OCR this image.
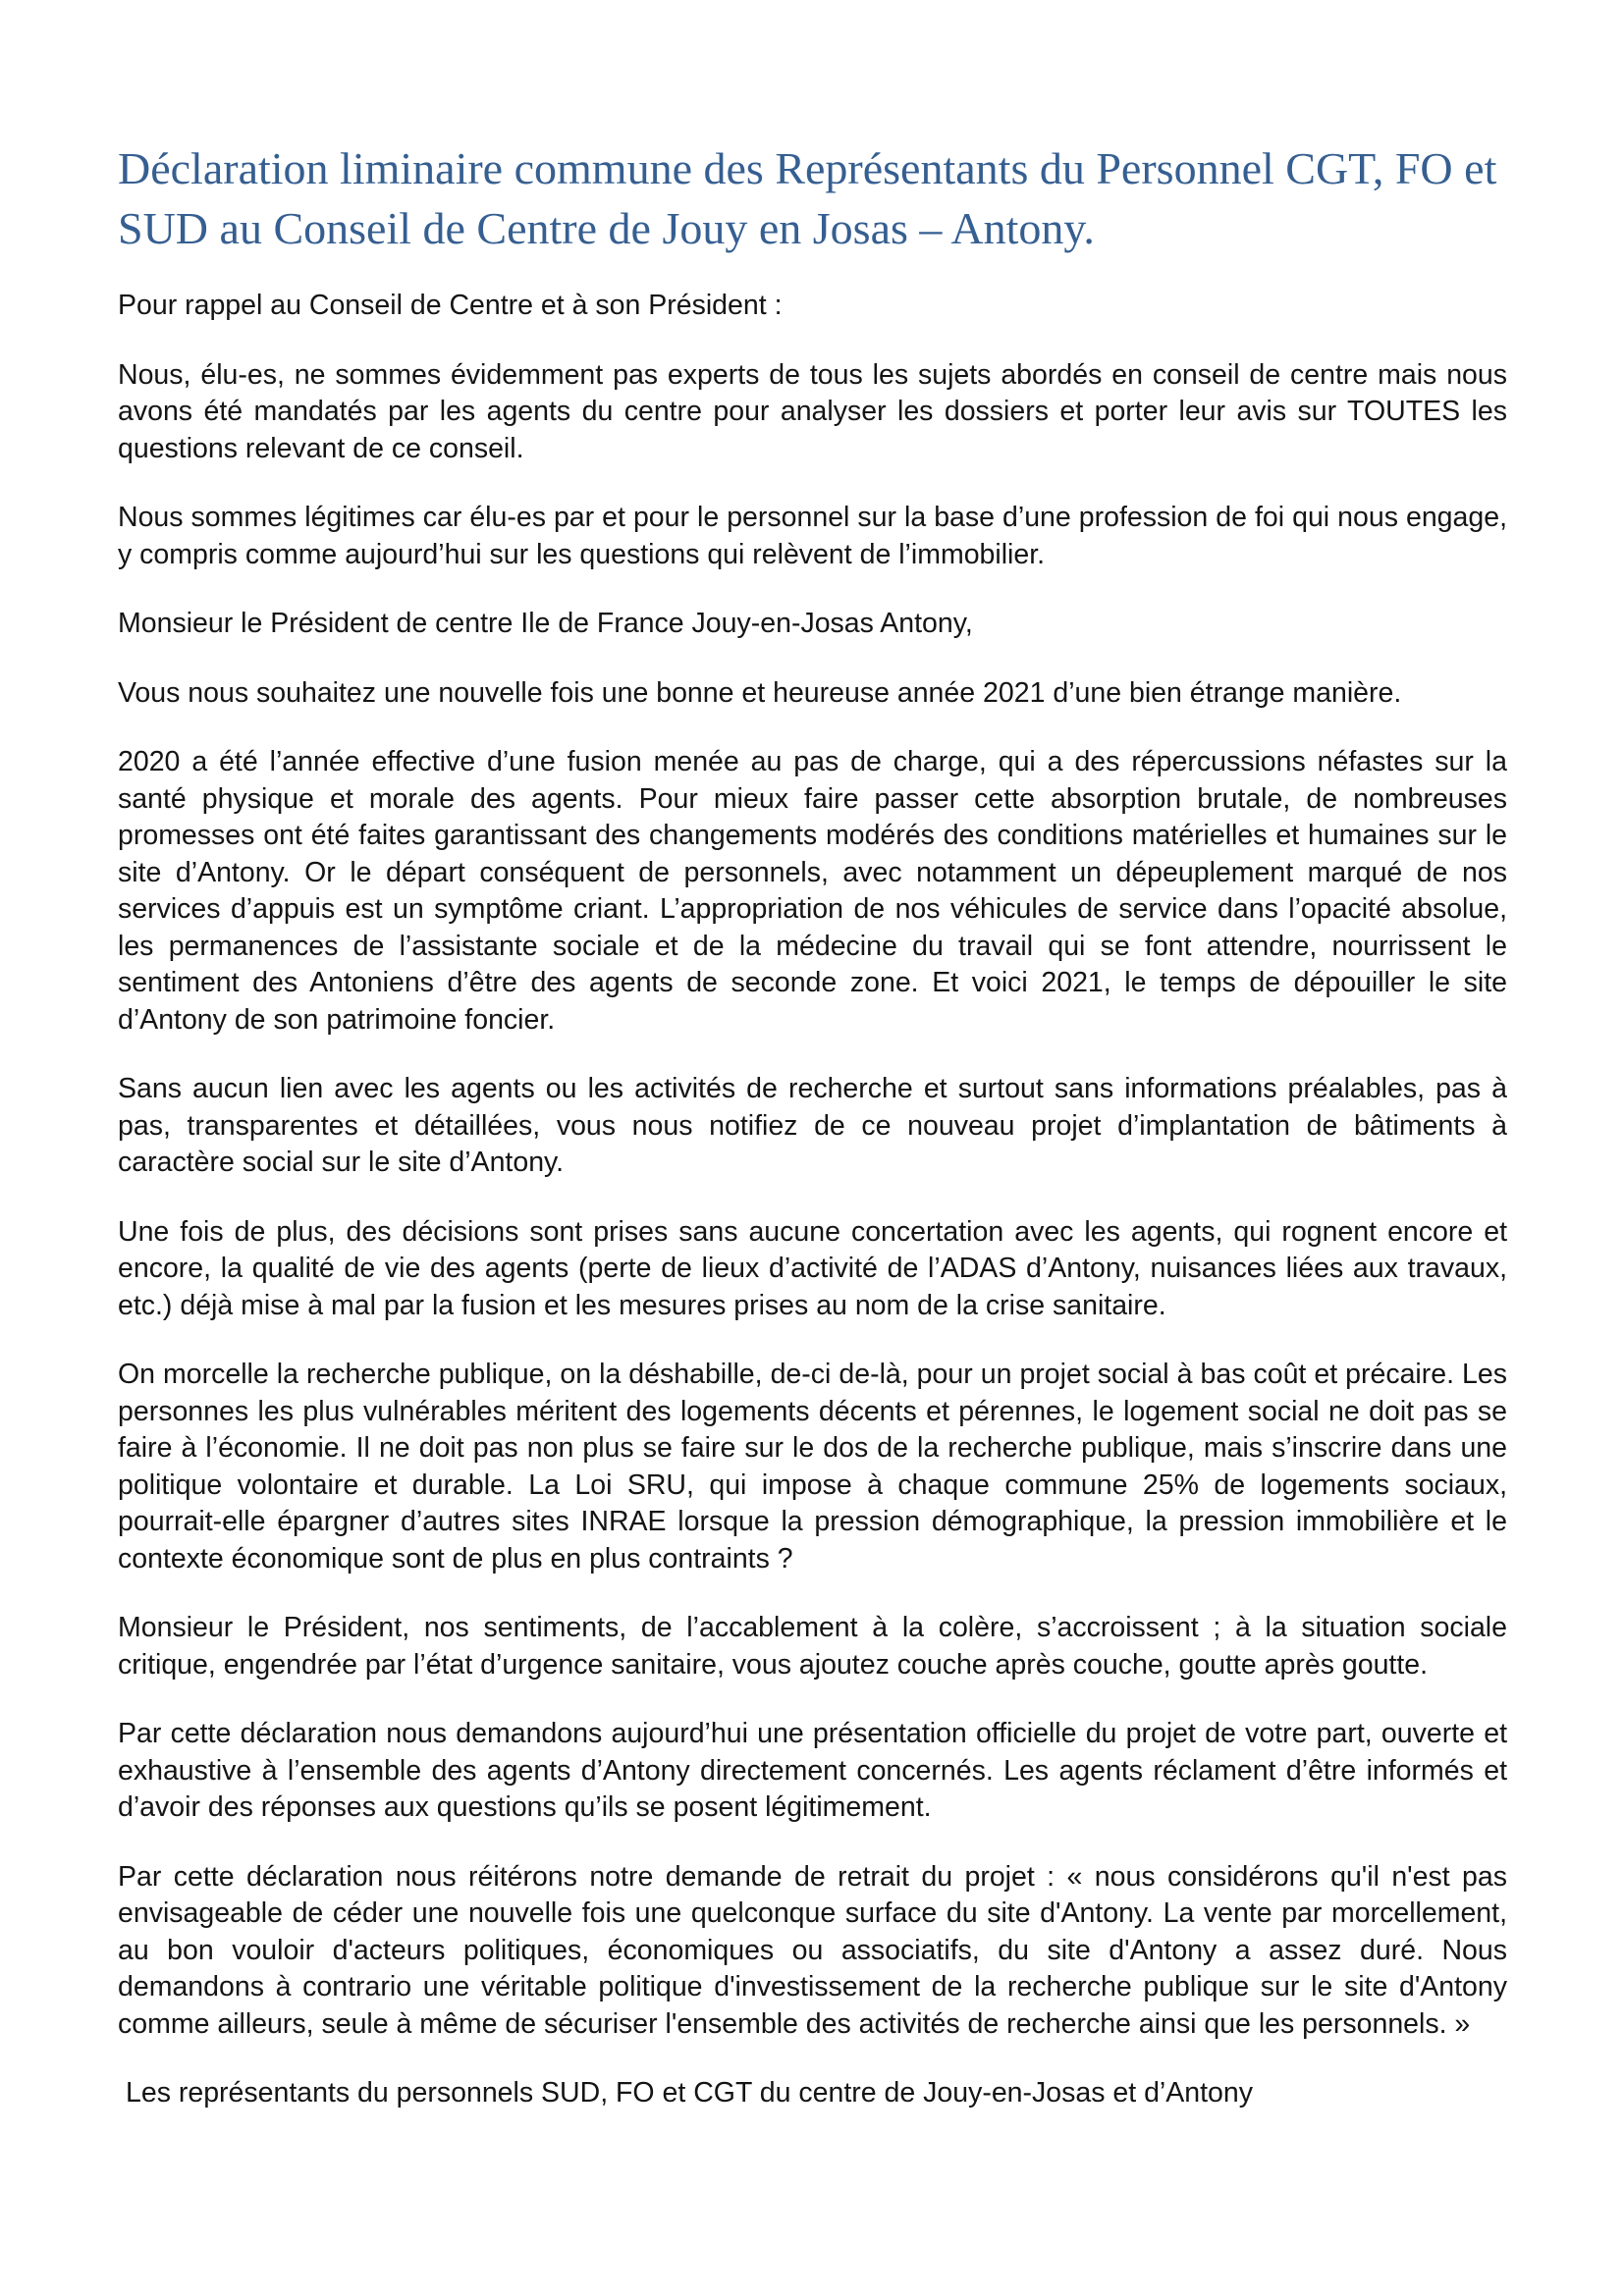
Déclaration liminaire commune des Représentants du Personnel CGT, FO et SUD au Conseil de Centre de Jouy en Josas – Antony.

Pour rappel au Conseil de Centre et à son Président :

Nous, élu-es, ne sommes évidemment pas experts de tous les sujets abordés en conseil de centre mais nous avons été mandatés par les agents du centre pour analyser les dossiers et porter leur avis sur TOUTES les questions relevant de ce conseil.

Nous sommes légitimes car élu-es par et pour le personnel sur la base d’une profession de foi qui nous engage, y compris comme aujourd’hui sur les questions qui relèvent de l’immobilier.

Monsieur le Président de centre Ile de France Jouy-en-Josas Antony,

Vous nous souhaitez une nouvelle fois une bonne et heureuse année 2021 d’une bien étrange manière.

2020 a été l’année effective d’une fusion menée au pas de charge, qui a des répercussions néfastes sur la santé physique et morale des agents. Pour mieux faire passer cette absorption brutale, de nombreuses promesses ont été faites garantissant des changements modérés des conditions matérielles et humaines sur le site d’Antony. Or le départ conséquent de personnels, avec notamment un dépeuplement marqué de nos services d’appuis est un symptôme criant. L’appropriation de nos véhicules de service dans l’opacité absolue, les permanences de l’assistante sociale et de la médecine du travail qui se font attendre, nourrissent le sentiment des Antoniens d’être des agents de seconde zone. Et voici 2021, le temps de dépouiller le site d’Antony de son patrimoine foncier.

Sans aucun lien avec les agents ou les activités de recherche et surtout sans informations préalables, pas à pas, transparentes et détaillées, vous nous notifiez de ce nouveau projet d’implantation de bâtiments à caractère social sur le site d’Antony.

Une fois de plus, des décisions sont prises sans aucune concertation avec les agents, qui rognent encore et encore, la qualité de vie des agents (perte de lieux d’activité de l’ADAS d’Antony, nuisances liées aux travaux, etc.) déjà mise à mal par la fusion et les mesures prises au nom de la crise sanitaire.

On morcelle la recherche publique, on la déshabille, de-ci de-là, pour un projet social à bas coût et précaire. Les personnes les plus vulnérables méritent des logements décents et pérennes, le logement social ne doit pas se faire à l’économie. Il ne doit pas non plus se faire sur le dos de la recherche publique, mais s’inscrire dans une politique volontaire et durable. La Loi SRU, qui impose à chaque commune 25% de logements sociaux, pourrait-elle épargner d’autres sites INRAE lorsque la pression démographique, la pression immobilière et le contexte économique sont de plus en plus contraints ?

Monsieur le Président, nos sentiments, de l’accablement à la colère, s’accroissent ; à la situation sociale critique, engendrée par l’état d’urgence sanitaire, vous ajoutez couche après couche, goutte après goutte.

Par cette déclaration nous demandons aujourd’hui une présentation officielle du projet de votre part, ouverte et exhaustive à l’ensemble des agents d’Antony directement concernés. Les agents réclament d’être informés et d’avoir des réponses aux questions qu’ils se posent légitimement.

Par cette déclaration nous réitérons notre demande de retrait du projet : « nous considérons qu'il n'est pas envisageable de céder une nouvelle fois une quelconque surface du site d'Antony. La vente par morcellement, au bon vouloir d'acteurs politiques, économiques ou associatifs, du site d'Antony a assez duré. Nous demandons à contrario une véritable politique d'investissement de la recherche publique sur le site d'Antony comme ailleurs, seule à même de sécuriser l'ensemble des activités de recherche ainsi que les personnels. »

Les représentants du personnels SUD, FO et CGT du centre de Jouy-en-Josas et d’Antony
